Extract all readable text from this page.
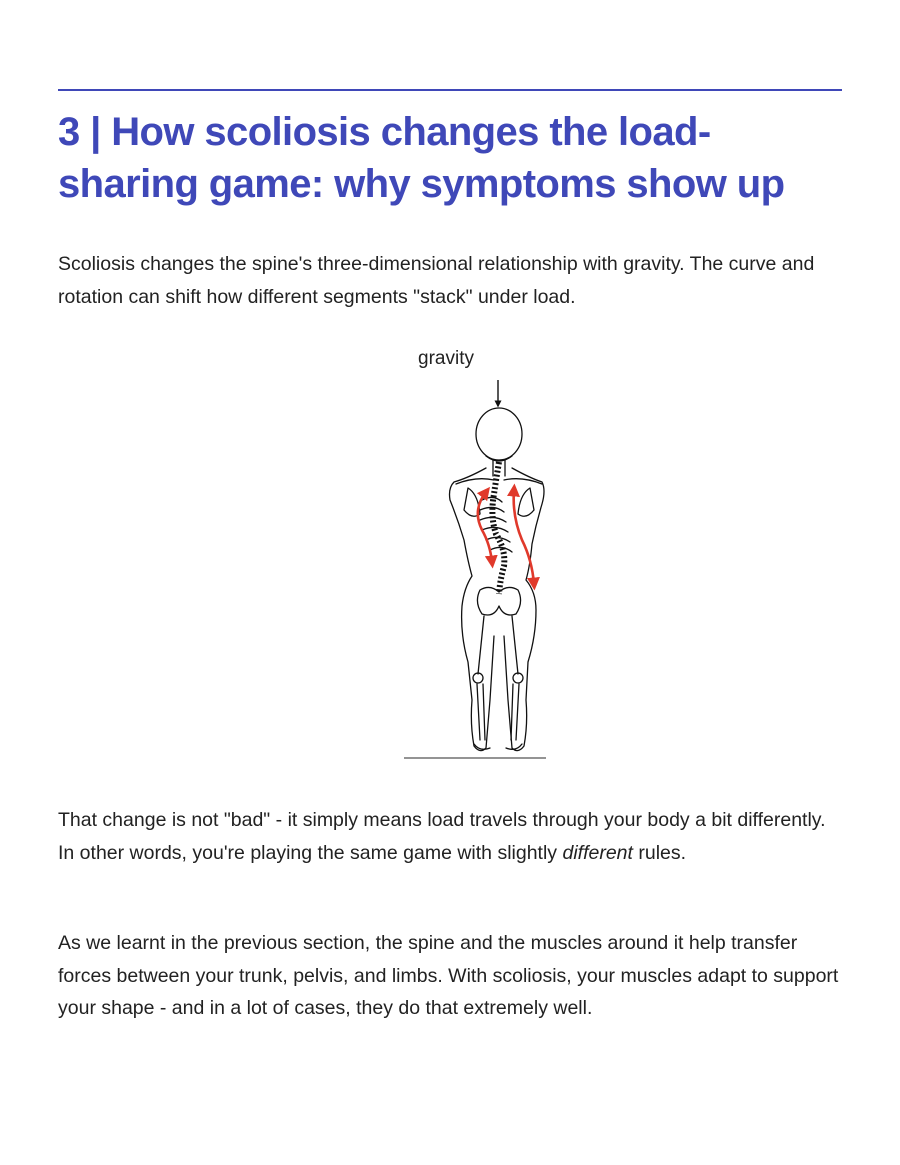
3 | How scoliosis changes the load-sharing game: why symptoms show up

Scoliosis changes the spine's three-dimensional relationship with gravity. The curve and rotation can shift how different segments "stack" under load.

gravity

That change is not "bad" - it simply means load travels through your body a bit differently. In other words, you're playing the same game with slightly different rules.

As we learnt in the previous section, the spine and the muscles around it help transfer forces between your trunk, pelvis, and limbs. With scoliosis, your muscles adapt to support your shape - and in a lot of cases, they do that extremely well.
